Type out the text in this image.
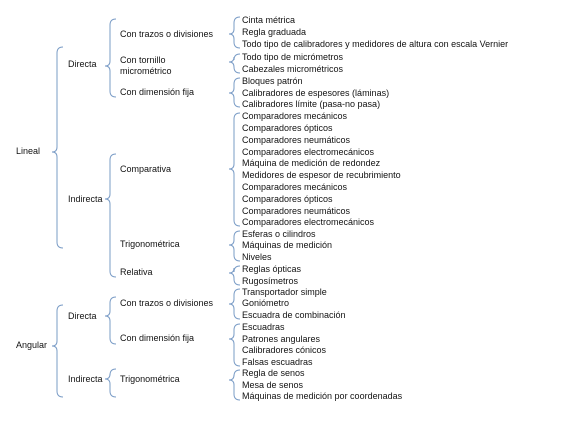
Lineal
Angular
Directa
Indirecta
Directa
Indirecta
Con trazos o divisiones
Con tornillo
micrométrico
Con dimensión fija
Comparativa
Trigonométrica
Relativa
Con trazos o divisiones
Con dimensión fija
Trigonométrica
Cinta métrica
Regla graduada
Todo tipo de calibradores y medidores de altura con escala Vernier
Todo tipo de micrómetros
Cabezales micrométricos
Bloques patrón
Calibradores de espesores (láminas)
Calibradores límite (pasa-no pasa)
Comparadores mecánicos
Comparadores ópticos
Comparadores neumáticos
Comparadores electromecánicos
Máquina de medición de redondez
Medidores de espesor de recubrimiento
Comparadores mecánicos
Comparadores ópticos
Comparadores neumáticos
Comparadores electromecánicos
Esferas o cilindros
Máquinas de medición
Niveles
Reglas ópticas
Rugosímetros
Transportador simple
Goniómetro
Escuadra de combinación
Escuadras
Patrones angulares
Calibradores cónicos
Falsas escuadras
Regla de senos
Mesa de senos
Máquinas de medición por coordenadas
